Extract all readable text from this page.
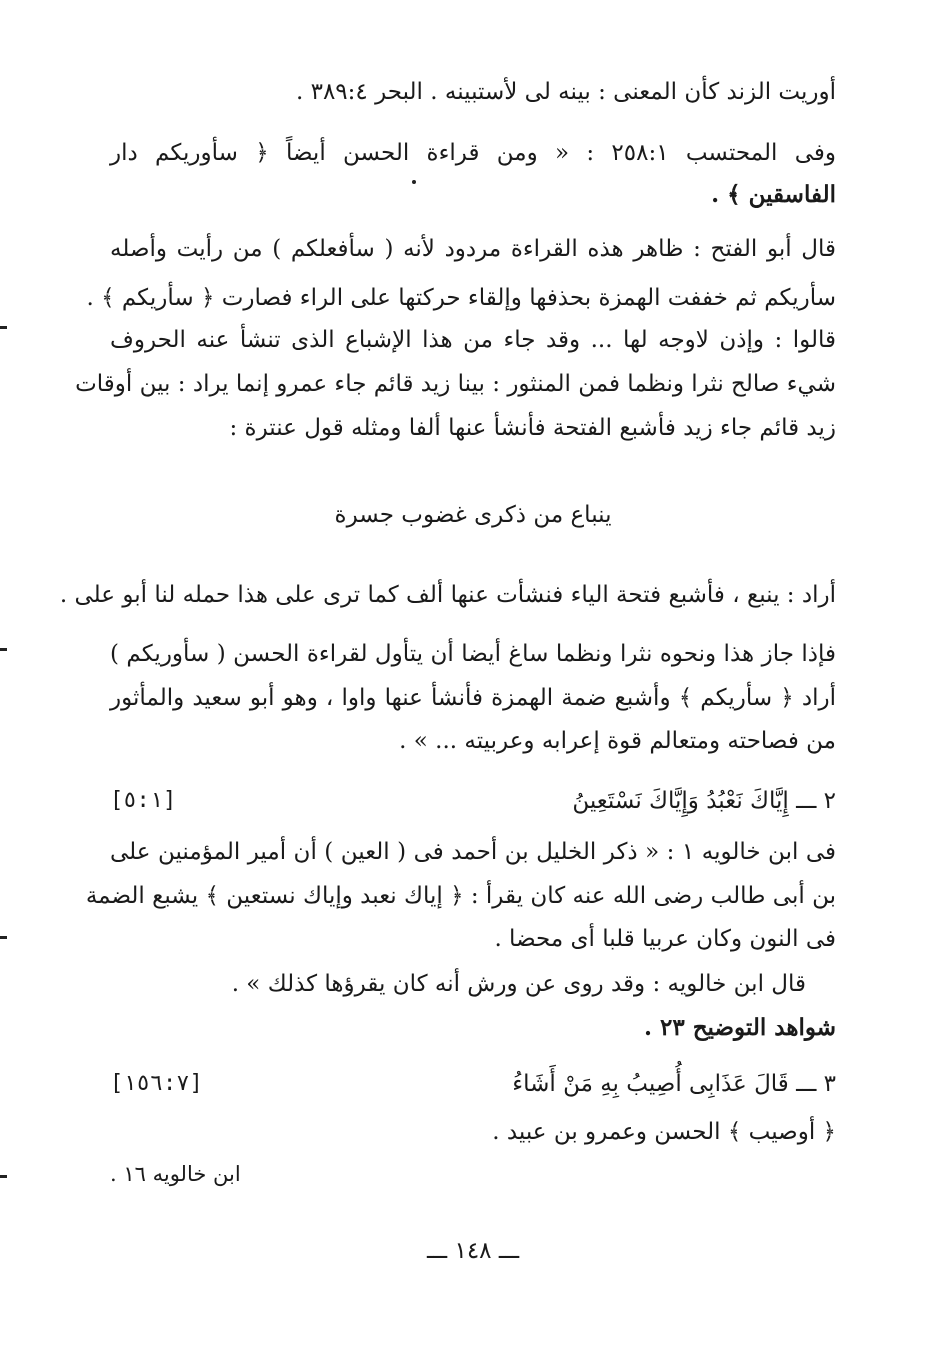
أوريت الزند كأن المعنى : بينه لى لأستبينه . البحر ٣٨٩:٤ .
وفى المحتسب ٢٥٨:١ : « ومن قراءة الحسن أيضاً ﴿ سأوريكم دار
الفاسقين ﴾ .
قال أبو الفتح : ظاهر هذه القراءة مردود لأنه ( سأفعلكم ) من رأيت وأصله
سأريكم ثم خففت الهمزة بحذفها وإلقاء حركتها على الراء فصارت ﴿ سأريكم ﴾ .
قالوا : وإذن لاوجه لها ... وقد جاء من هذا الإشباع الذى تنشأ عنه الحروف
شيء صالح نثرا ونظما فمن المنثور : بينا زيد قائم جاء عمرو إنما يراد : بين أوقات
زيد قائم جاء زيد فأشبع الفتحة فأنشأ عنها ألفا ومثله قول عنترة :
ينباع من ذكرى غضوب جسرة
أراد : ينبع ، فأشبع فتحة الياء فنشأت عنها ألف كما ترى على هذا حمله لنا أبو على .
فإذا جاز هذا ونحوه نثرا ونظما ساغ أيضا أن يتأول لقراءة الحسن ( سأوريكم )
أراد ﴿ سأريكم ﴾ وأشبع ضمة الهمزة فأنشأ عنها واوا ، وهو أبو سعيد والمأثور
من فصاحته ومتعالم قوة إعرابه وعربيته ... » .
٢ ـــ إِيَّاكَ نَعْبُدُ وَإِيَّاكَ نَسْتَعِينُ
[٥:١]
فى ابن خالويه ١ : « ذكر الخليل بن أحمد فى ( العين ) أن أمير المؤمنين على
بن أبى طالب رضى الله عنه كان يقرأ : ﴿ إياك نعبد وإياك نستعين ﴾ يشبع الضمة
فى النون وكان عربيا قلبا أى محضا .
قال ابن خالويه : وقد روى عن ورش أنه كان يقرؤها كذلك » .
شواهد التوضيح ٢٣ .
٣ ـــ قَالَ عَذَابِى أُصِيبُ بِهِ مَنْ أَشَاءُ
[١٥٦:٧]
﴿ أوصيب ﴾ الحسن وعمرو بن عبيد .
ابن خالويه ١٦ .
ـــ ١٤٨ ـــ
